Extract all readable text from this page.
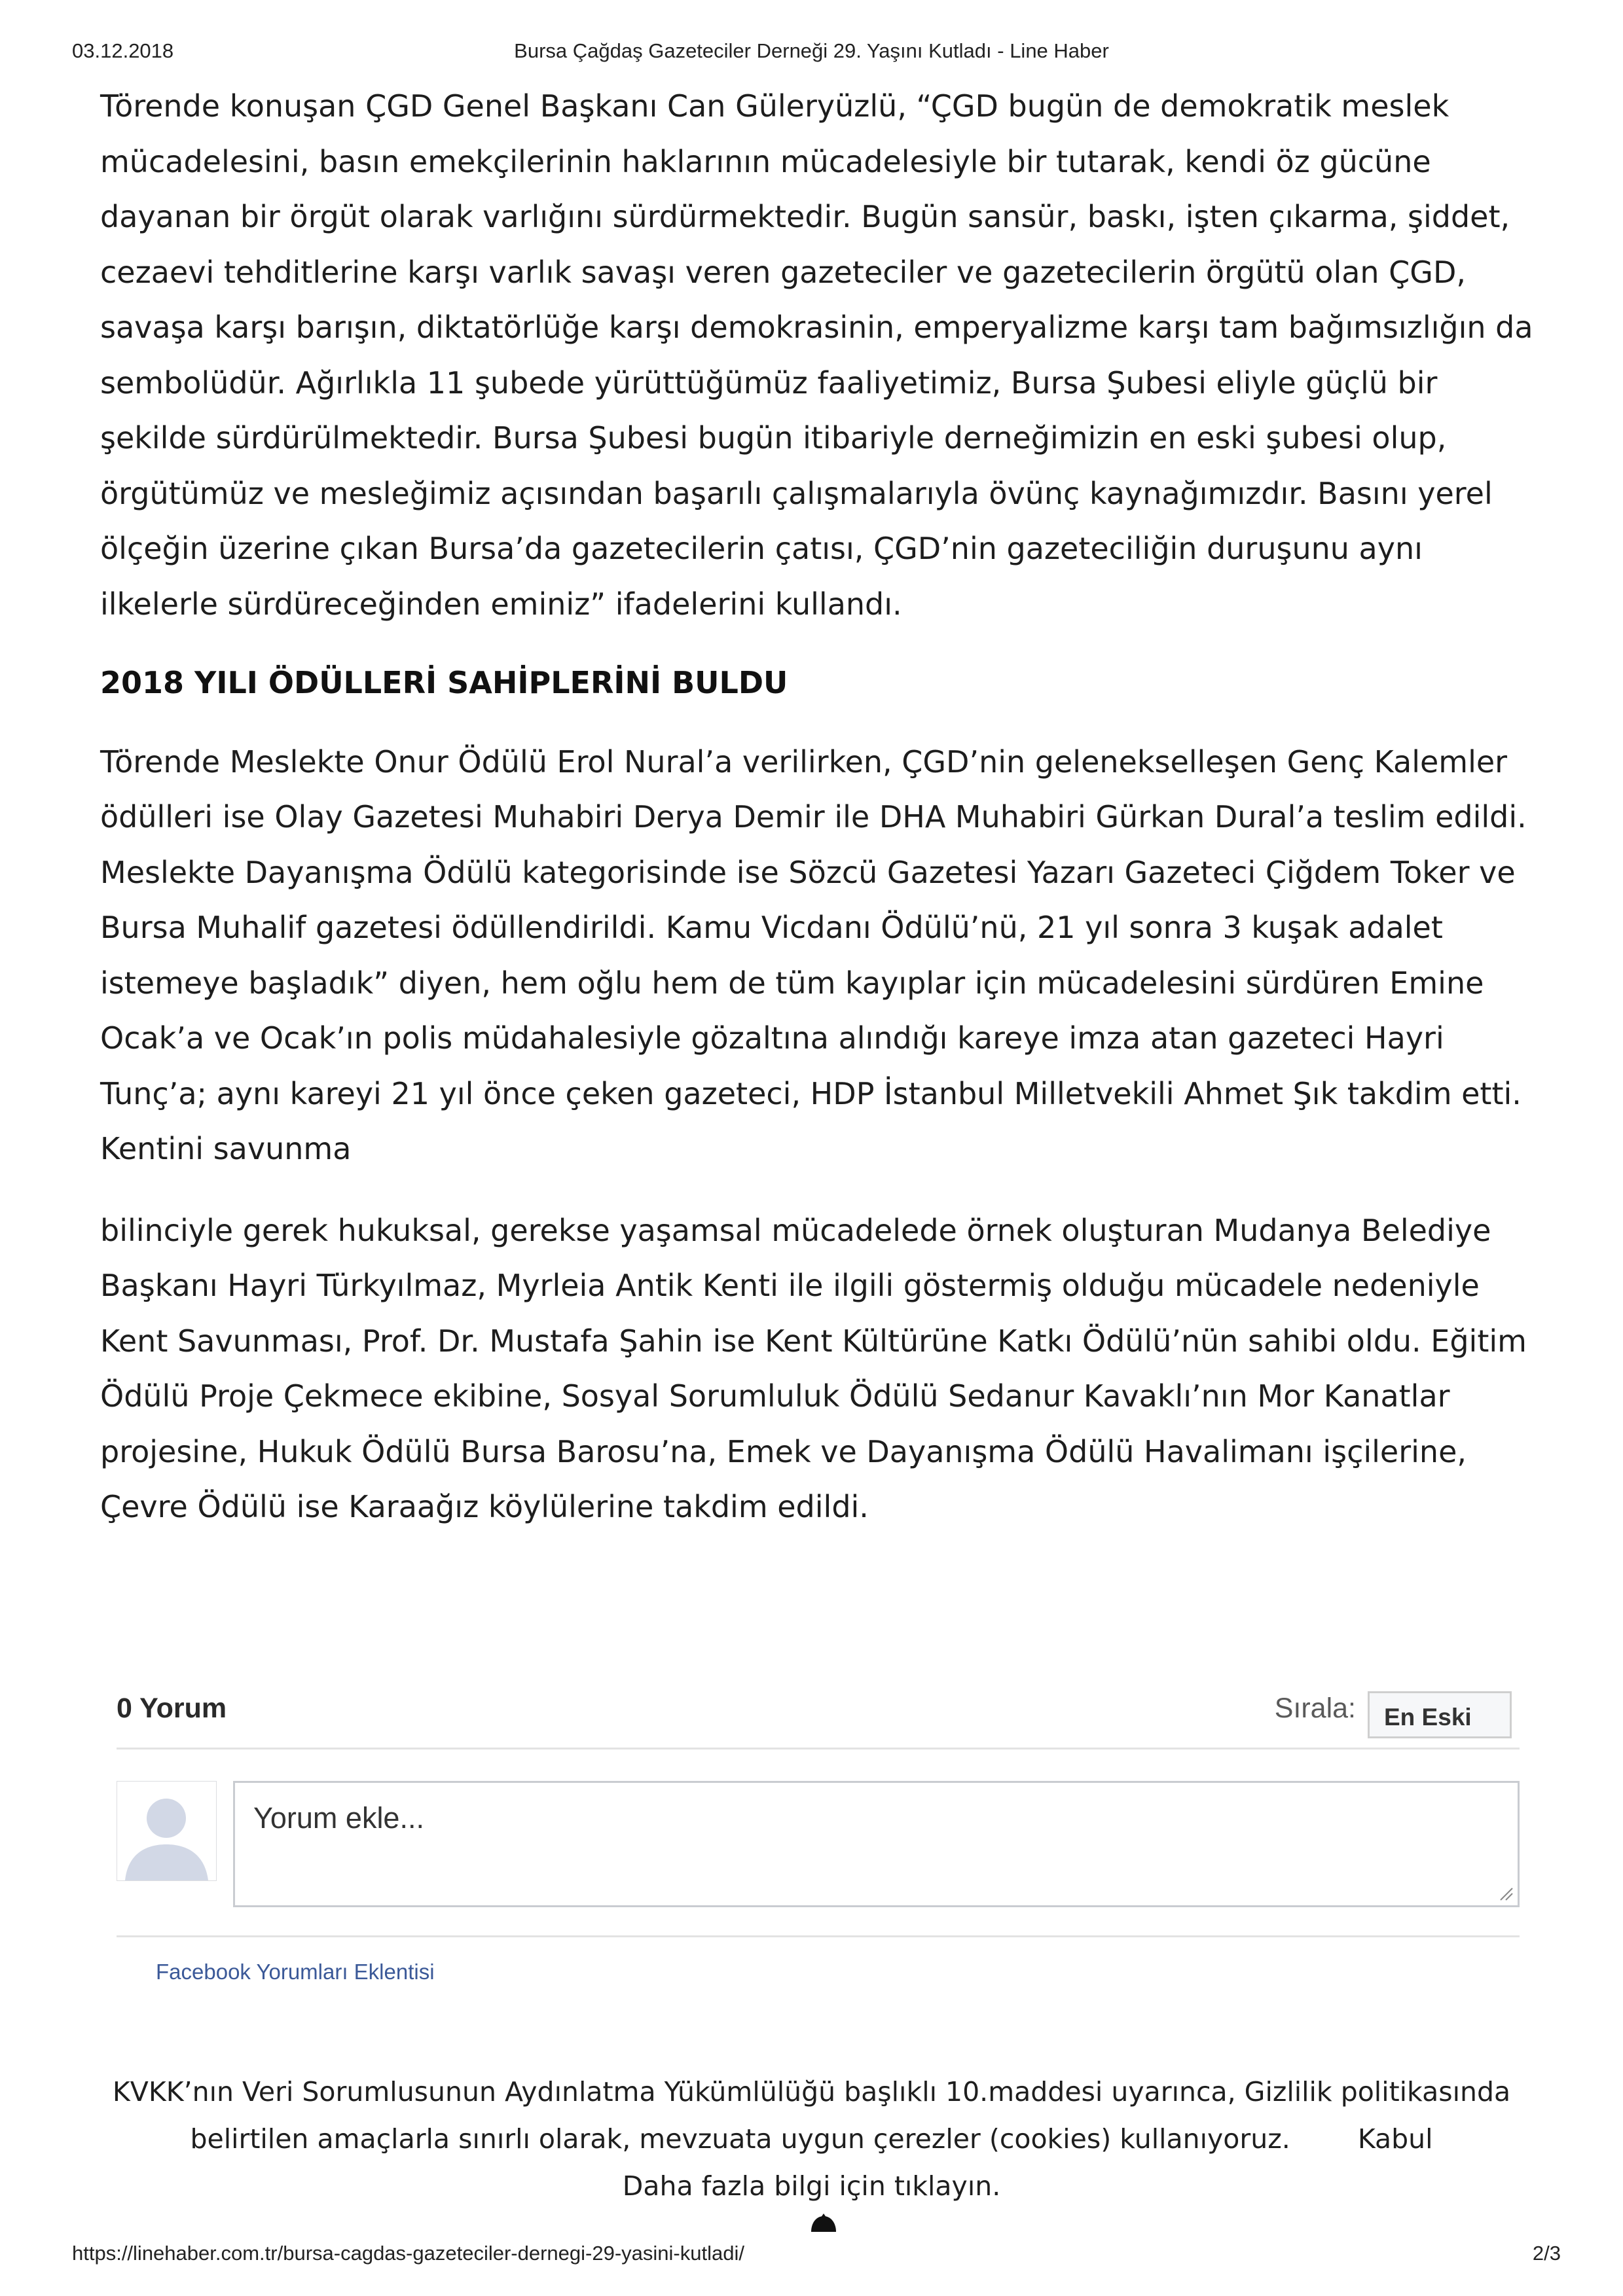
03.12.2018	Bursa Çağdaş Gazeteciler Derneği 29. Yaşını Kutladı - Line Haber

Törende konuşan ÇGD Genel Başkanı Can Güleryüzlü, “ÇGD bugün de demokratik meslek mücadelesini, basın emekçilerinin haklarının mücadelesiyle bir tutarak, kendi öz gücüne dayanan bir örgüt olarak varlığını sürdürmektedir. Bugün sansür, baskı, işten çıkarma, şiddet, cezaevi tehditlerine karşı varlık savaşı veren gazeteciler ve gazetecilerin örgütü olan ÇGD, savaşa karşı barışın, diktatörlüğe karşı demokrasinin, emperyalizme karşı tam bağımsızlığın da sembolüdür. Ağırlıkla 11 şubede yürüttüğümüz faaliyetimiz, Bursa Şubesi eliyle güçlü bir şekilde sürdürülmektedir. Bursa Şubesi bugün itibariyle derneğimizin en eski şubesi olup, örgütümüz ve mesleğimiz açısından başarılı çalışmalarıyla övünç kaynağımızdır. Basını yerel ölçeğin üzerine çıkan Bursa’da gazetecilerin çatısı, ÇGD’nin gazeteciliğin duruşunu aynı ilkelerle sürdüreceğinden eminiz” ifadelerini kullandı.

2018 YILI ÖDÜLLERİ SAHİPLERİNİ BULDU

Törende Meslekte Onur Ödülü Erol Nural’a verilirken, ÇGD’nin gelenekselleşen Genç Kalemler ödülleri ise Olay Gazetesi Muhabiri Derya Demir ile DHA Muhabiri Gürkan Dural’a teslim edildi. Meslekte Dayanışma Ödülü kategorisinde ise Sözcü Gazetesi Yazarı Gazeteci Çiğdem Toker ve Bursa Muhalif gazetesi ödüllendirildi. Kamu Vicdanı Ödülü’nü, 21 yıl sonra 3 kuşak adalet istemeye başladık” diyen, hem oğlu hem de tüm kayıplar için mücadelesini sürdüren Emine Ocak’a ve Ocak’ın polis müdahalesiyle gözaltına alındığı kareye imza atan gazeteci Hayri Tunç’a; aynı kareyi 21 yıl önce çeken gazeteci, HDP İstanbul Milletvekili Ahmet Şık takdim etti. Kentini savunma

bilinciyle gerek hukuksal, gerekse yaşamsal mücadelede örnek oluşturan Mudanya Belediye Başkanı Hayri Türkyılmaz, Myrleia Antik Kenti ile ilgili göstermiş olduğu mücadele nedeniyle Kent Savunması, Prof. Dr. Mustafa Şahin ise Kent Kültürüne Katkı Ödülü’nün sahibi oldu. Eğitim Ödülü Proje Çekmece ekibine, Sosyal Sorumluluk Ödülü Sedanur Kavaklı’nın Mor Kanatlar projesine, Hukuk Ödülü Bursa Barosu’na, Emek ve Dayanışma Ödülü Havalimanı işçilerine, Çevre Ödülü ise Karaağız köylülerine takdim edildi.

0 Yorum	Sırala:	En Eski
Yorum ekle...
Facebook Yorumları Eklentisi
KVKK’nın Veri Sorumlusunun Aydınlatma Yükümlülüğü başlıklı 10.maddesi uyarınca, Gizlilik politikasında
belirtilen amaçlarla sınırlı olarak, mevzuata uygun çerezler (cookies) kullanıyoruz.	Kabul
Daha fazla bilgi için tıklayın.
https://linehaber.com.tr/bursa-cagdas-gazeteciler-dernegi-29-yasini-kutladi/	2/3
